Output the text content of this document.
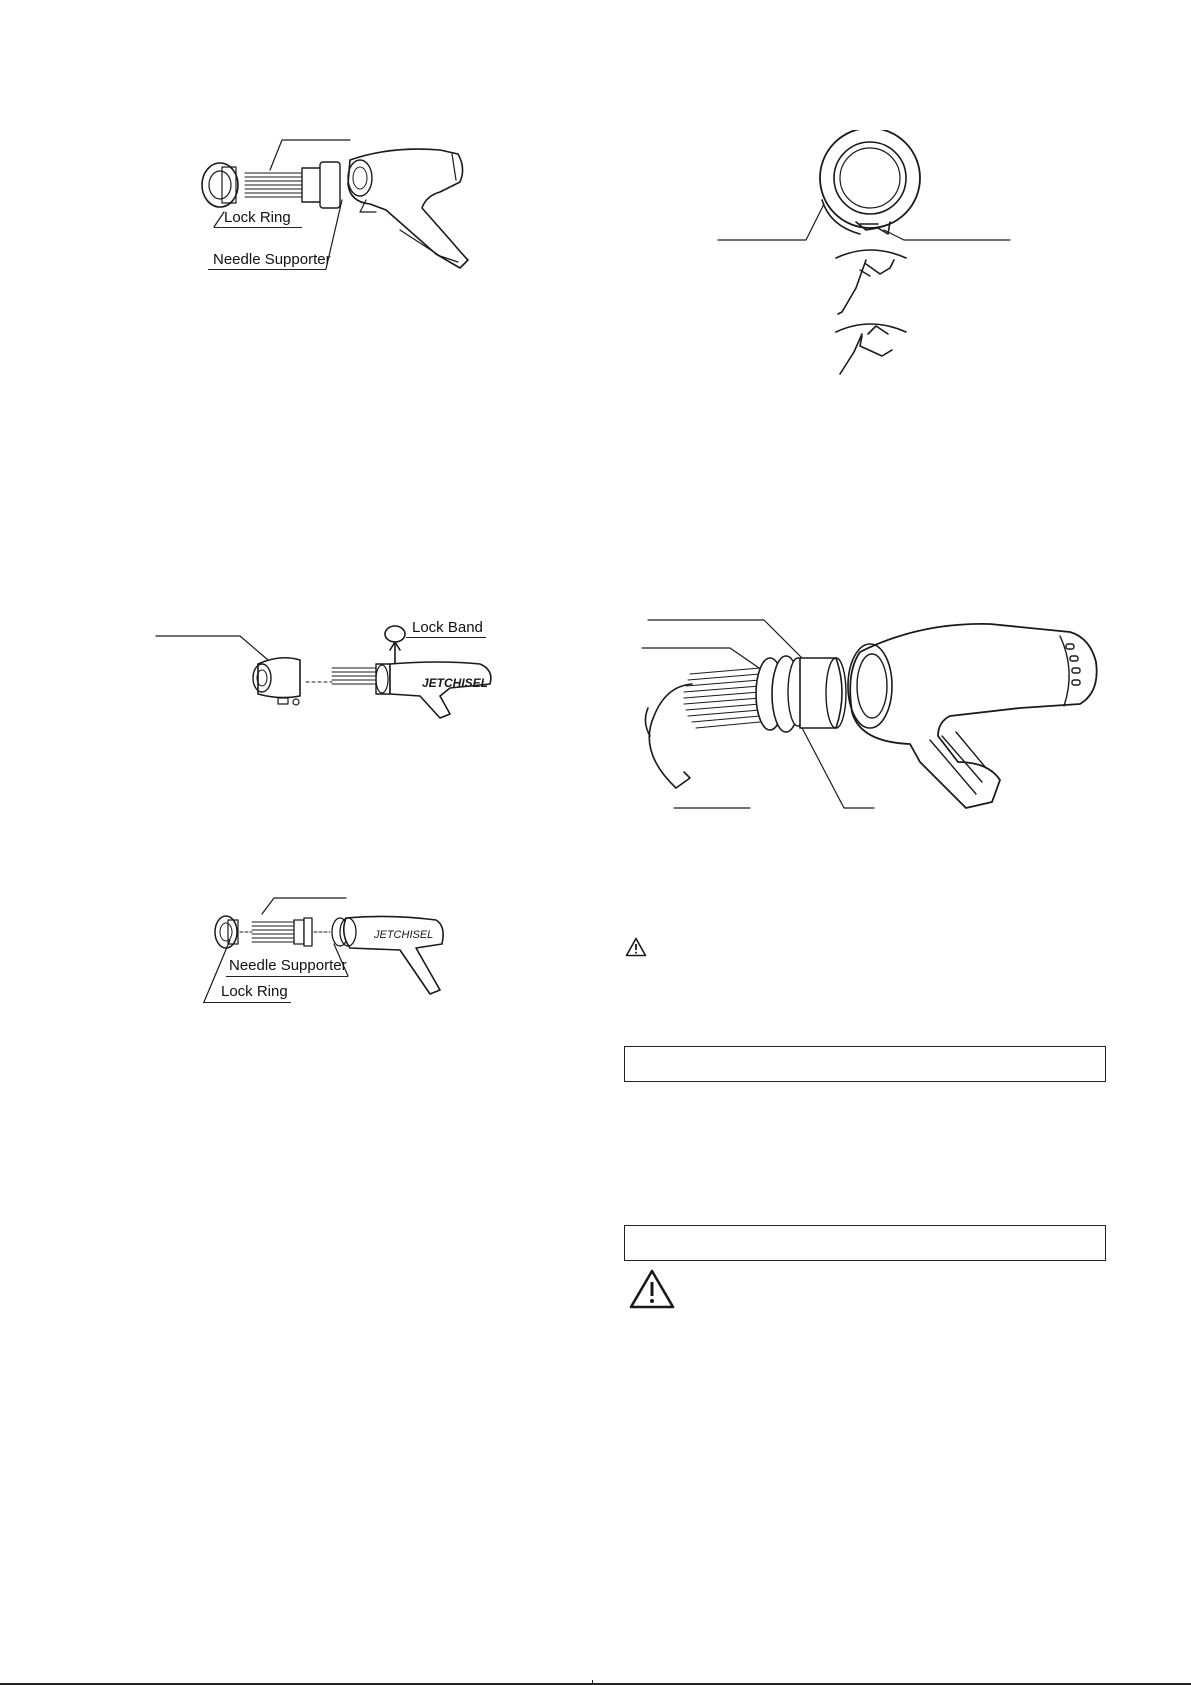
Lock Ring
Needle Supporter
JETCHISEL
Lock Band
JETCHISEL
Needle Supporter
Lock Ring
